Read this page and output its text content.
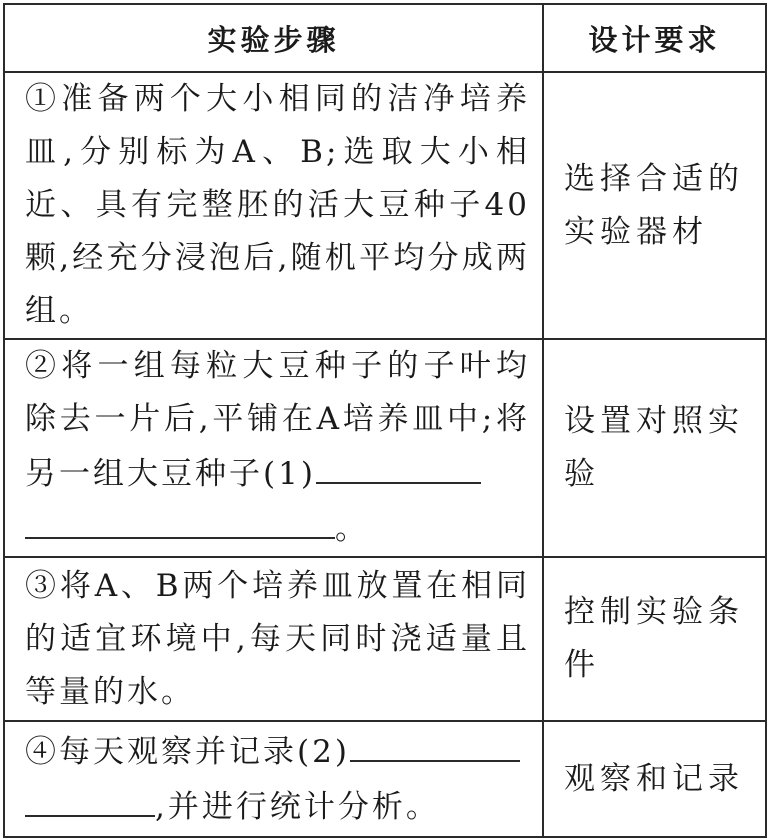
实验步骤	设计要求
①准备两个大小相同的洁净培养皿,分别标为A、B;选取大小相近、具有完整胚的活大豆种子40颗,经充分浸泡后,随机平均分成两组。	选择合适的实验器材
②将一组每粒大豆种子的子叶均除去一片后,平铺在A培养皿中;将另一组大豆种子(1)
。	设置对照实验
③将A、B两个培养皿放置在相同的适宜环境中,每天同时浇适量且等量的水。	控制实验条件
④每天观察并记录(2)
,并进行统计分析。	观察和记录
